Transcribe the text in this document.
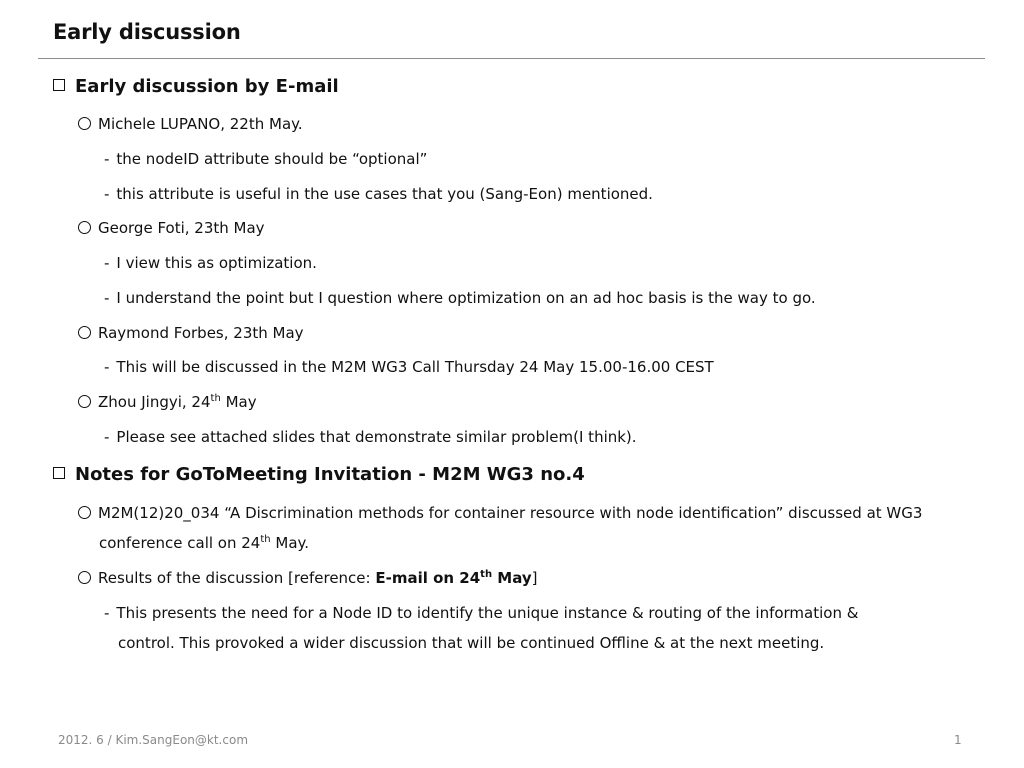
Early discussion
Early discussion by E-mail
Michele LUPANO, 22th May.
- the nodeID attribute should be “optional”
- this attribute is useful in the use cases that you (Sang-Eon) mentioned.
George Foti, 23th May
- I view this as optimization.
- I understand the point but I question where optimization on an ad hoc basis is the way to go.
Raymond Forbes, 23th May
- This will be discussed in the M2M WG3 Call Thursday 24 May 15.00-16.00 CEST
Zhou Jingyi, 24th May
- Please see attached slides that demonstrate similar problem(I think).
Notes for GoToMeeting Invitation - M2M WG3 no.4
M2M(12)20_034 “A Discrimination methods for container resource with node identification” discussed at WG3
conference call on 24th May.
Results of the discussion [reference: E-mail on 24th May]
- This presents the need for a Node ID to identify the unique instance & routing of the information &
control. This provoked a wider discussion that will be continued Offline & at the next meeting.
2012. 6 / Kim.SangEon@kt.com	1
